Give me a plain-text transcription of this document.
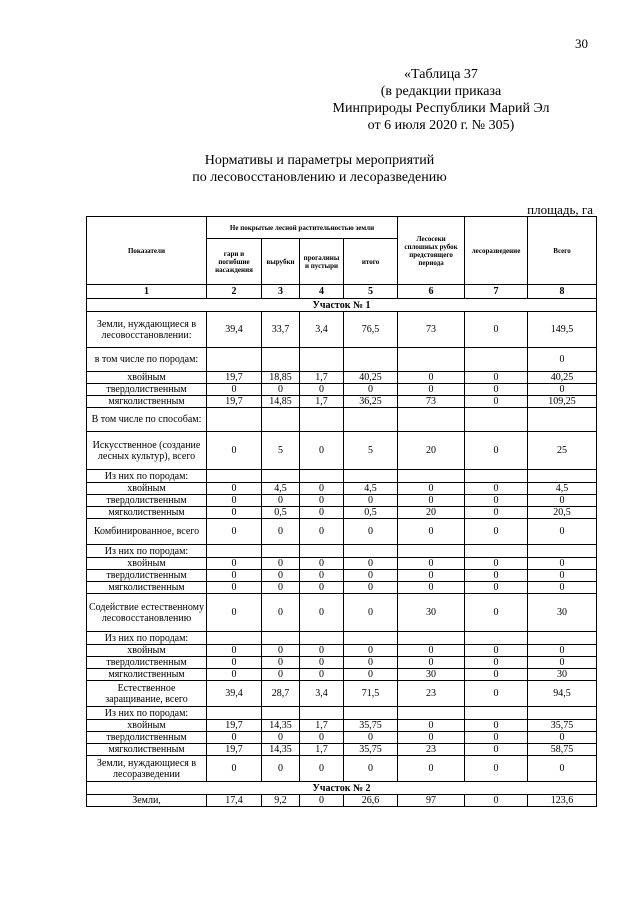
30
«Таблица 37
(в редакции приказа
Минприроды Республики Марий Эл
от 6 июля 2020 г. № 305)
Нормативы и параметры мероприятий
по лесовосстановлению и лесоразведению
площадь, га
Показатели	Не покрытые лесной растительностью земли				Лесосеки сплошных рубок предстоящего периода	лесоразведение	Всего
	гари и погибшие насаждения	вырубки	прогалины и пустыри	итого			
1	2	3	4	5	6	7	8
Участок № 1							
Земли, нуждающиеся в лесовосстановлении:	39,4	33,7	3,4	76,5	73	0	149,5
в том числе по породам:							0
хвойным	19,7	18,85	1,7	40,25	0	0	40,25
твердолиственным	0	0	0	0	0	0	0
мягколиственным	19,7	14,85	1,7	36,25	73	0	109,25
В том числе по способам:							
Искусственное (создание лесных культур), всего	0	5	0	5	20	0	25
Из них по породам:							
хвойным	0	4,5	0	4,5	0	0	4,5
твердолиственным	0	0	0	0	0	0	0
мягколиственным	0	0,5	0	0,5	20	0	20,5
Комбинированное, всего	0	0	0	0	0	0	0
Из них по породам:							
хвойным	0	0	0	0	0	0	0
твердолиственным	0	0	0	0	0	0	0
мягколиственным	0	0	0	0	0	0	0
Содействие естественному лесовосстановлению	0	0	0	0	30	0	30
Из них по породам:							
хвойным	0	0	0	0	0	0	0
твердолиственным	0	0	0	0	0	0	0
мягколиственным	0	0	0	0	30	0	30
Естественное заращивание, всего	39,4	28,7	3,4	71,5	23	0	94,5
Из них по породам:							
хвойным	19,7	14,35	1,7	35,75	0	0	35,75
твердолиственным	0	0	0	0	0	0	0
мягколиственным	19,7	14,35	1,7	35,75	23	0	58,75
Земли, нуждающиеся в лесоразведении	0	0	0	0	0	0	0
Участок № 2							
Земли,	17,4	9,2	0	26,6	97	0	123,6
